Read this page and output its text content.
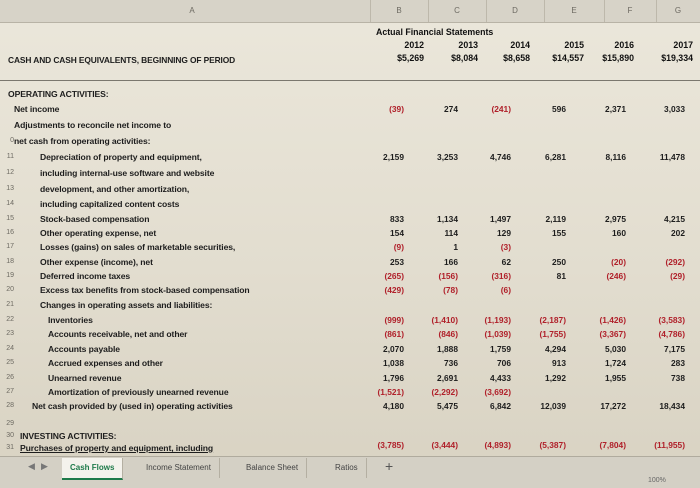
A	B	C	D	E	F	G
Actual Financial Statements
2012	2013	2014	2015	2016	2017
CASH AND CASH EQUIVALENTS, BEGINNING OF PERIOD	$5,269	$8,084	$8,658	$14,557	$15,890	$19,334
OPERATING ACTIVITIES:
Net income	(39)	274	(241)	596	2,371	3,033
Adjustments to reconcile net income to
0 net cash from operating activities:
11	Depreciation of property and equipment,	2,159	3,253	4,746	6,281	8,116	11,478
12	including internal-use software and website
13	development, and other amortization,
14	including capitalized content costs
15	Stock-based compensation	833	1,134	1,497	2,119	2,975	4,215
16	Other operating expense, net	154	114	129	155	160	202
17	Losses (gains) on sales of marketable securities,	(9)	1	(3)
18	Other expense (income), net	253	166	62	250	(20)	(292)
19	Deferred income taxes	(265)	(156)	(316)	81	(246)	(29)
20	Excess tax benefits from stock-based compensation	(429)	(78)	(6)
21	Changes in operating assets and liabilities:
22	Inventories	(999)	(1,410)	(1,193)	(2,187)	(1,426)	(3,583)
23	Accounts receivable, net and other	(861)	(846)	(1,039)	(1,755)	(3,367)	(4,786)
24	Accounts payable	2,070	1,888	1,759	4,294	5,030	7,175
25	Accrued expenses and other	1,038	736	706	913	1,724	283
26	Unearned revenue	1,796	2,691	4,433	1,292	1,955	738
27	Amortization of previously unearned revenue	(1,521)	(2,292)	(3,692)
28 Net cash provided by (used in) operating activities	4,180	5,475	6,842	12,039	17,272	18,434
29
30 INVESTING ACTIVITIES:
31 Purchases of property and equipment, including	(3,785)	(3,444)	(4,893)	(5,387)	(7,804)	(11,955)
◀ ▶	Cash Flows	Income Statement	Balance Sheet	Ratios	+
100%
